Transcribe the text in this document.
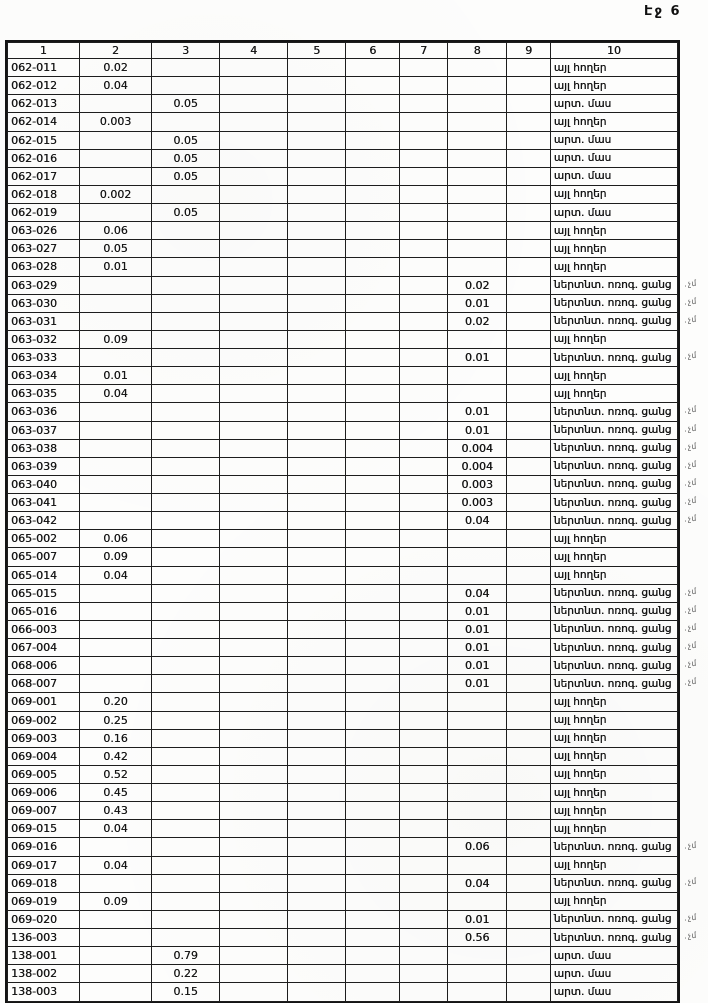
Էջ 6
1	2	3	4	5	6	7	8	9	10
062-011	0.02								այլ հողեր
062-012	0.04								այլ հողեր
062-013		0.05							արտ. մաս
062-014	0.003								այլ հողեր
062-015		0.05							արտ. մաս
062-016		0.05							արտ. մաս
062-017		0.05							արտ. մաս
062-018	0.002								այլ հողեր
062-019		0.05							արտ. մաս
063-026	0.06								այլ հողեր
063-027	0.05								այլ հողեր
063-028	0.01								այլ հողեր
063-029							0.02		ներտնտ. ոռոգ. ցանց
063-030							0.01		ներտնտ. ոռոգ. ցանց
063-031							0.02		ներտնտ. ոռոգ. ցանց
063-032	0.09								այլ հողեր
063-033							0.01		ներտնտ. ոռոգ. ցանց
063-034	0.01								այլ հողեր
063-035	0.04								այլ հողեր
063-036							0.01		ներտնտ. ոռոգ. ցանց
063-037							0.01		ներտնտ. ոռոգ. ցանց
063-038							0.004		ներտնտ. ոռոգ. ցանց
063-039							0.004		ներտնտ. ոռոգ. ցանց
063-040							0.003		ներտնտ. ոռոգ. ցանց
063-041							0.003		ներտնտ. ոռոգ. ցանց
063-042							0.04		ներտնտ. ոռոգ. ցանց
065-002	0.06								այլ հողեր
065-007	0.09								այլ հողեր
065-014	0.04								այլ հողեր
065-015							0.04		ներտնտ. ոռոգ. ցանց
065-016							0.01		ներտնտ. ոռոգ. ցանց
066-003							0.01		ներտնտ. ոռոգ. ցանց
067-004							0.01		ներտնտ. ոռոգ. ցանց
068-006							0.01		ներտնտ. ոռոգ. ցանց
068-007							0.01		ներտնտ. ոռոգ. ցանց
069-001	0.20								այլ հողեր
069-002	0.25								այլ հողեր
069-003	0.16								այլ հողեր
069-004	0.42								այլ հողեր
069-005	0.52								այլ հողեր
069-006	0.45								այլ հողեր
069-007	0.43								այլ հողեր
069-015	0.04								այլ հողեր
069-016							0.06		ներտնտ. ոռոգ. ցանց
069-017	0.04								այլ հողեր
069-018							0.04		ներտնտ. ոռոգ. ցանց
069-019	0.09								այլ հողեր
069-020							0.01		ներտնտ. ոռոգ. ցանց
136-003							0.56		ներտնտ. ոռոգ. ցանց
138-001		0.79							արտ. մաս
138-002		0.22							արտ. մաս
138-003		0.15							արտ. մաս
. չմ
. չմ
. չմ
. չմ
. չմ
. չմ
. չմ
. չմ
. չմ
. չմ
. չմ
. չմ
. չմ
. չմ
. չմ
. չմ
. չմ
. չմ
. չմ
. չմ
. չմ
